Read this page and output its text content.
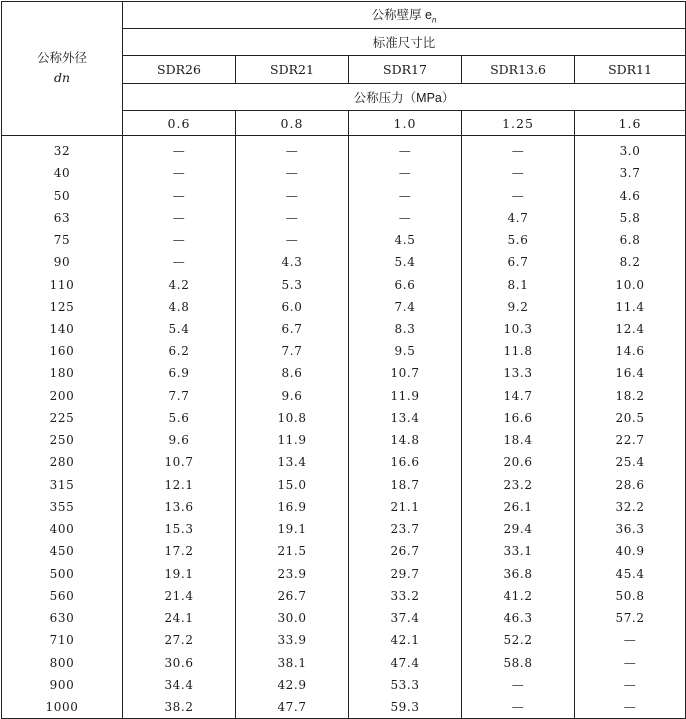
公称外径
dn	公称壁厚 $e_n$
	标准尺寸比				
	SDR26	SDR21	SDR17	SDR13.6	SDR11
	公称压力（MPa）				
	0.6	0.8	1.0	1.25	1.6
32	—	—	—	—	3.0
40	—	—	—	—	3.7
50	—	—	—	—	4.6
63	—	—	—	4.7	5.8
75	—	—	4.5	5.6	6.8
90	—	4.3	5.4	6.7	8.2
110	4.2	5.3	6.6	8.1	10.0
125	4.8	6.0	7.4	9.2	11.4
140	5.4	6.7	8.3	10.3	12.4
160	6.2	7.7	9.5	11.8	14.6
180	6.9	8.6	10.7	13.3	16.4
200	7.7	9.6	11.9	14.7	18.2
225	5.6	10.8	13.4	16.6	20.5
250	9.6	11.9	14.8	18.4	22.7
280	10.7	13.4	16.6	20.6	25.4
315	12.1	15.0	18.7	23.2	28.6
355	13.6	16.9	21.1	26.1	32.2
400	15.3	19.1	23.7	29.4	36.3
450	17.2	21.5	26.7	33.1	40.9
500	19.1	23.9	29.7	36.8	45.4
560	21.4	26.7	33.2	41.2	50.8
630	24.1	30.0	37.4	46.3	57.2
710	27.2	33.9	42.1	52.2	—
800	30.6	38.1	47.4	58.8	—
900	34.4	42.9	53.3	—	—
1000	38.2	47.7	59.3	—	—
